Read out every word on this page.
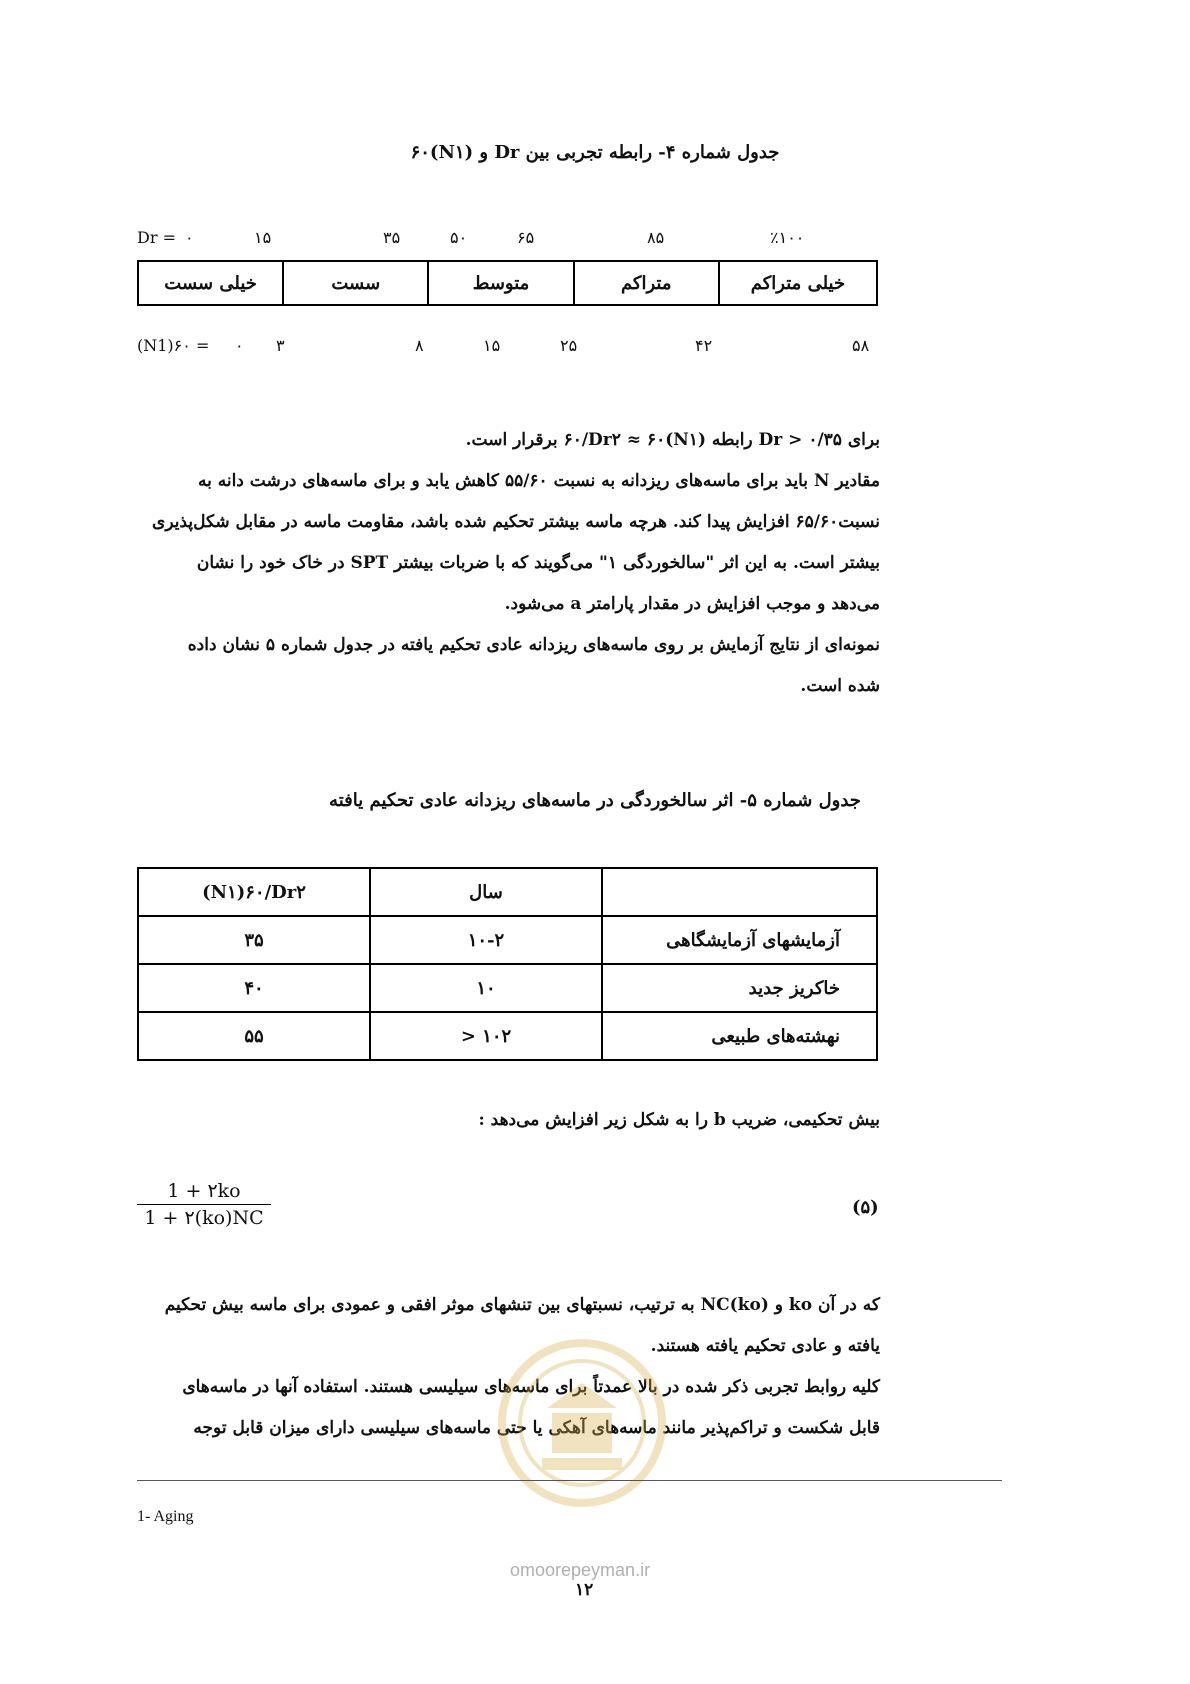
جدول شماره ۴- رابطه تجربی بین Dr و (N۱)۶۰
Dr = ۰	۱۵	۳۵	۵۰	۶۵	۸۵	٪۱۰۰
خیلی سست	سست	متوسط	متراکم	خیلی متراکم
(N1)۶۰ = ۰ ۳	۸	۱۵	۲۵	۴۲	۵۸
برای Dr > ۰/۳۵ رابطه (N۱)۶۰/Dr۲ ≈ ۶۰ برقرار است.
مقادیر N باید برای ماسه‌های ریزدانه به نسبت ۵۵/۶۰ کاهش یابد و برای ماسه‌های درشت دانه به
نسبت۶۵/۶۰ افزایش پیدا کند. هرچه ماسه بیشتر تحکیم شده باشد، مقاومت ماسه در مقابل شکل‌پذیری
بیشتر است. به این اثر "سالخوردگی ۱" می‌گویند که با ضربات بیشتر SPT در خاک خود را نشان
می‌دهد و موجب افزایش در مقدار پارامتر a می‌شود.
نمونه‌ای از نتایج آزمایش بر روی ماسه‌های ریزدانه عادی تحکیم یافته در جدول شماره ۵ نشان داده
شده است.
جدول شماره ۵- اثر سالخوردگی در ماسه‌های ریزدانه عادی تحکیم یافته
(N۱)۶۰/Dr۲	سال	
۳۵	۱۰-۲	آزمایشهای آزمایشگاهی
۴۰	۱۰	خاکریز جدید
۵۵	> ۱۰۲	نهشته‌های طبیعی
بیش تحکیمی، ضریب b را به شکل زیر افزایش می‌دهد :
$\frac{1 + ۲ko}{1 + ۲(ko)NC}$	(۵)
که در آن ko و (ko)NC به ترتیب، نسبتهای بین تنشهای موثر افقی و عمودی برای ماسه بیش تحکیم
یافته و عادی تحکیم یافته هستند.
کلیه روابط تجربی ذکر شده در بالا عمدتاً برای ماسه‌های سیلیسی هستند. استفاده آنها در ماسه‌های
قابل شکست و تراکم‌پذیر مانند ماسه‌های آهکی یا حتی ماسه‌های سیلیسی دارای میزان قابل توجه
1- Aging
omoorepeyman.ir
۱۲
